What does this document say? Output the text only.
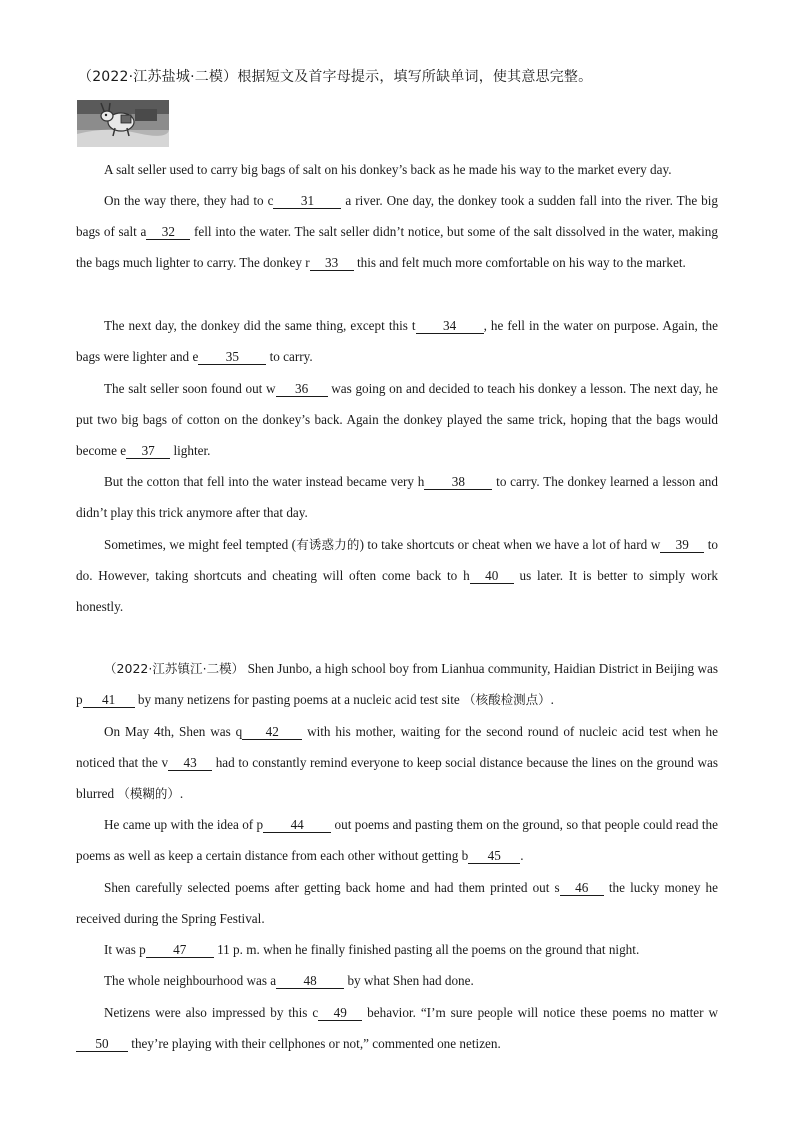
（2022·江苏盐城·二模）根据短文及首字母提示，填写所缺单词，使其意思完整。
A salt seller used to carry big bags of salt on his donkey’s back as he made his way to the market every day.
On the way there, they had to c 31 a river. One day, the donkey took a sudden fall into the river. The big bags of salt a 32 fell into the water. The salt seller didn’t notice, but some of the salt dissolved in the water, making the bags much lighter to carry. The donkey r 33 this and felt much more comfortable on his way to the market.
The next day, the donkey did the same thing, except this t 34 , he fell in the water on purpose. Again, the bags were lighter and e 35 to carry.
The salt seller soon found out w 36 was going on and decided to teach his donkey a lesson. The next day, he put two big bags of cotton on the donkey’s back. Again the donkey played the same trick, hoping that the bags would become e 37 lighter.
But the cotton that fell into the water instead became very h 38 to carry. The donkey learned a lesson and didn’t play this trick anymore after that day.
Sometimes, we might feel tempted (有诱惑力的) to take shortcuts or cheat when we have a lot of hard w 39 to do. However, taking shortcuts and cheating will often come back to h 40 us later. It is better to simply work honestly.
（2022·江苏镇江·二模） Shen Junbo, a high school boy from Lianhua community, Haidian District in Beijing was p 41 by many netizens for pasting poems at a nucleic acid test site （核酸检测点）.
On May 4th, Shen was q 42 with his mother, waiting for the second round of nucleic acid test when he noticed that the v 43 had to constantly remind everyone to keep social distance because the lines on the ground was blurred （模糊的）.
He came up with the idea of p 44 out poems and pasting them on the ground, so that people could read the poems as well as keep a certain distance from each other without getting b 45 .
Shen carefully selected poems after getting back home and had them printed out s 46 the lucky money he received during the Spring Festival.
It was p 47 11 p. m. when he finally finished pasting all the poems on the ground that night.
The whole neighbourhood was a 48 by what Shen had done.
Netizens were also impressed by this c 49 behavior. “I’m sure people will notice these poems no matter w50 they’re playing with their cellphones or not,” commented one netizen.
